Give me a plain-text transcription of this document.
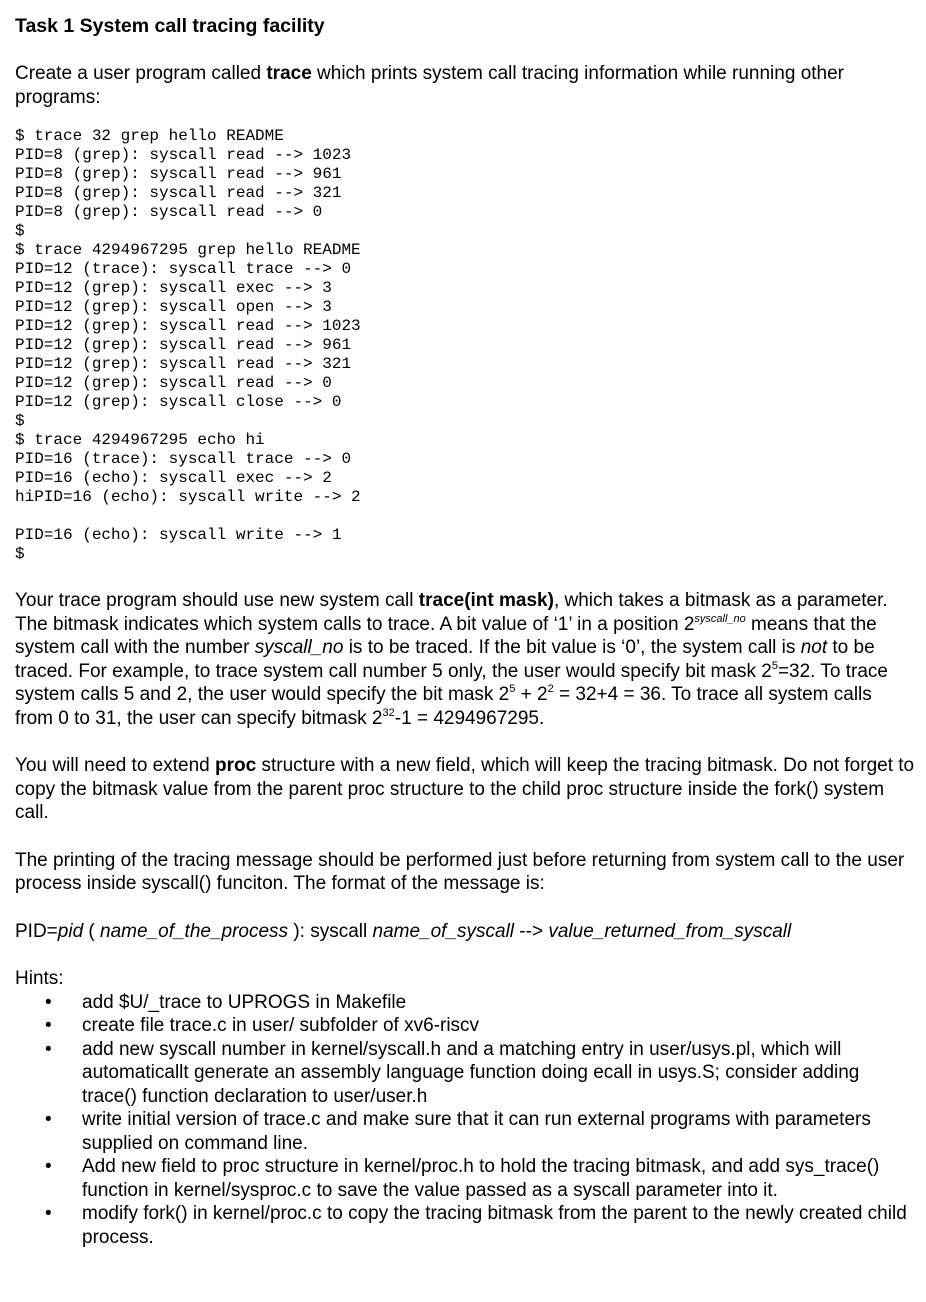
Task 1 System call tracing facility

Create a user program called trace which prints system call tracing information while running other programs:

$ trace 32 grep hello README
PID=8 (grep): syscall read --> 1023
PID=8 (grep): syscall read --> 961
PID=8 (grep): syscall read --> 321
PID=8 (grep): syscall read --> 0
$
$ trace 4294967295 grep hello README
PID=12 (trace): syscall trace --> 0
PID=12 (grep): syscall exec --> 3
PID=12 (grep): syscall open --> 3
PID=12 (grep): syscall read --> 1023
PID=12 (grep): syscall read --> 961
PID=12 (grep): syscall read --> 321
PID=12 (grep): syscall read --> 0
PID=12 (grep): syscall close --> 0
$
$ trace 4294967295 echo hi
PID=16 (trace): syscall trace --> 0
PID=16 (echo): syscall exec --> 2
hiPID=16 (echo): syscall write --> 2

PID=16 (echo): syscall write --> 1
$

Your trace program should use new system call trace(int mask), which takes a bitmask as a parameter. The bitmask indicates which system calls to trace. A bit value of ‘1’ in a position $2^{syscall\_no}$ means that the system call with the number syscall_no is to be traced. If the bit value is ‘0’, the system call is not to be traced. For example, to trace system call number 5 only, the user would specify bit mask $2^5=32$. To trace system calls 5 and 2, the user would specify the bit mask $2^5 + 2^2 = 32+4 = 36$. To trace all system calls from 0 to 31, the user can specify bitmask $2^{32}-1 = 4294967295$.

You will need to extend proc structure with a new field, which will keep the tracing bitmask. Do not forget to copy the bitmask value from the parent proc structure to the child proc structure inside the fork() system call.

The printing of the tracing message should be performed just before returning from system call to the user process inside syscall() funciton. The format of the message is:

PID=pid ( name_of_the_process ): syscall name_of_syscall --> value_returned_from_syscall

Hints:

• add $U/_trace to UPROGS in Makefile
• create file trace.c in user/ subfolder of xv6-riscv
• add new syscall number in kernel/syscall.h and a matching entry in user/usys.pl, which will automaticallt generate an assembly language function doing ecall in usys.S; consider adding trace() function declaration to user/user.h
• write initial version of trace.c and make sure that it can run external programs with parameters supplied on command line.
• Add new field to proc structure in kernel/proc.h to hold the tracing bitmask, and add sys_trace() function in kernel/sysproc.c to save the value passed as a syscall parameter into it.
• modify fork() in kernel/proc.c to copy the tracing bitmask from the parent to the newly created child process.
